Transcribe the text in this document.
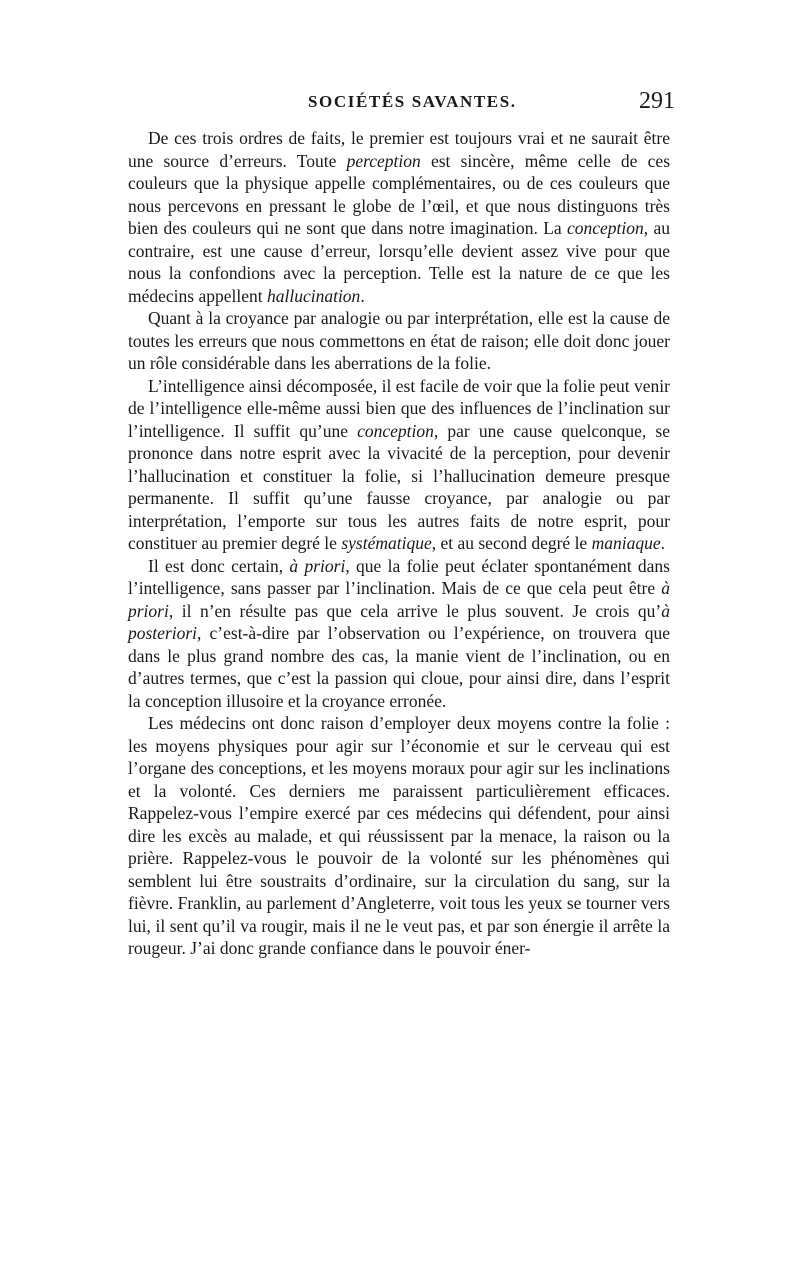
SOCIÉTÉS SAVANTES.	291

De ces trois ordres de faits, le premier est toujours vrai et ne saurait être une source d’erreurs. Toute perception est sincère, même celle de ces couleurs que la physique appelle complémentaires, ou de ces couleurs que nous percevons en pressant le globe de l’œil, et que nous distinguons très bien des couleurs qui ne sont que dans notre imagination. La conception, au contraire, est une cause d’erreur, lorsqu’elle devient assez vive pour que nous la confondions avec la perception. Telle est la nature de ce que les médecins appellent hallucination.

Quant à la croyance par analogie ou par interprétation, elle est la cause de toutes les erreurs que nous commettons en état de raison; elle doit donc jouer un rôle considérable dans les aberrations de la folie.

L’intelligence ainsi décomposée, il est facile de voir que la folie peut venir de l’intelligence elle-même aussi bien que des influences de l’inclination sur l’intelligence. Il suffit qu’une conception, par une cause quelconque, se prononce dans notre esprit avec la vivacité de la perception, pour devenir l’hallucination et constituer la folie, si l’hallucination demeure presque permanente. Il suffit qu’une fausse croyance, par analogie ou par interprétation, l’emporte sur tous les autres faits de notre esprit, pour constituer au premier degré le systématique, et au second degré le maniaque.

Il est donc certain, à priori, que la folie peut éclater spontanément dans l’intelligence, sans passer par l’inclination. Mais de ce que cela peut être à priori, il n’en résulte pas que cela arrive le plus souvent. Je crois qu’à posteriori, c’est-à-dire par l’observation ou l’expérience, on trouvera que dans le plus grand nombre des cas, la manie vient de l’inclination, ou en d’autres termes, que c’est la passion qui cloue, pour ainsi dire, dans l’esprit la conception illusoire et la croyance erronée.

Les médecins ont donc raison d’employer deux moyens contre la folie : les moyens physiques pour agir sur l’économie et sur le cerveau qui est l’organe des conceptions, et les moyens moraux pour agir sur les inclinations et la volonté. Ces derniers me paraissent particulièrement efficaces. Rappelez-vous l’empire exercé par ces médecins qui défendent, pour ainsi dire les excès au malade, et qui réussissent par la menace, la raison ou la prière. Rappelez-vous le pouvoir de la volonté sur les phénomènes qui semblent lui être soustraits d’ordinaire, sur la circulation du sang, sur la fièvre. Franklin, au parlement d’Angleterre, voit tous les yeux se tourner vers lui, il sent qu’il va rougir, mais il ne le veut pas, et par son énergie il arrête la rougeur. J’ai donc grande confiance dans le pouvoir éner-
